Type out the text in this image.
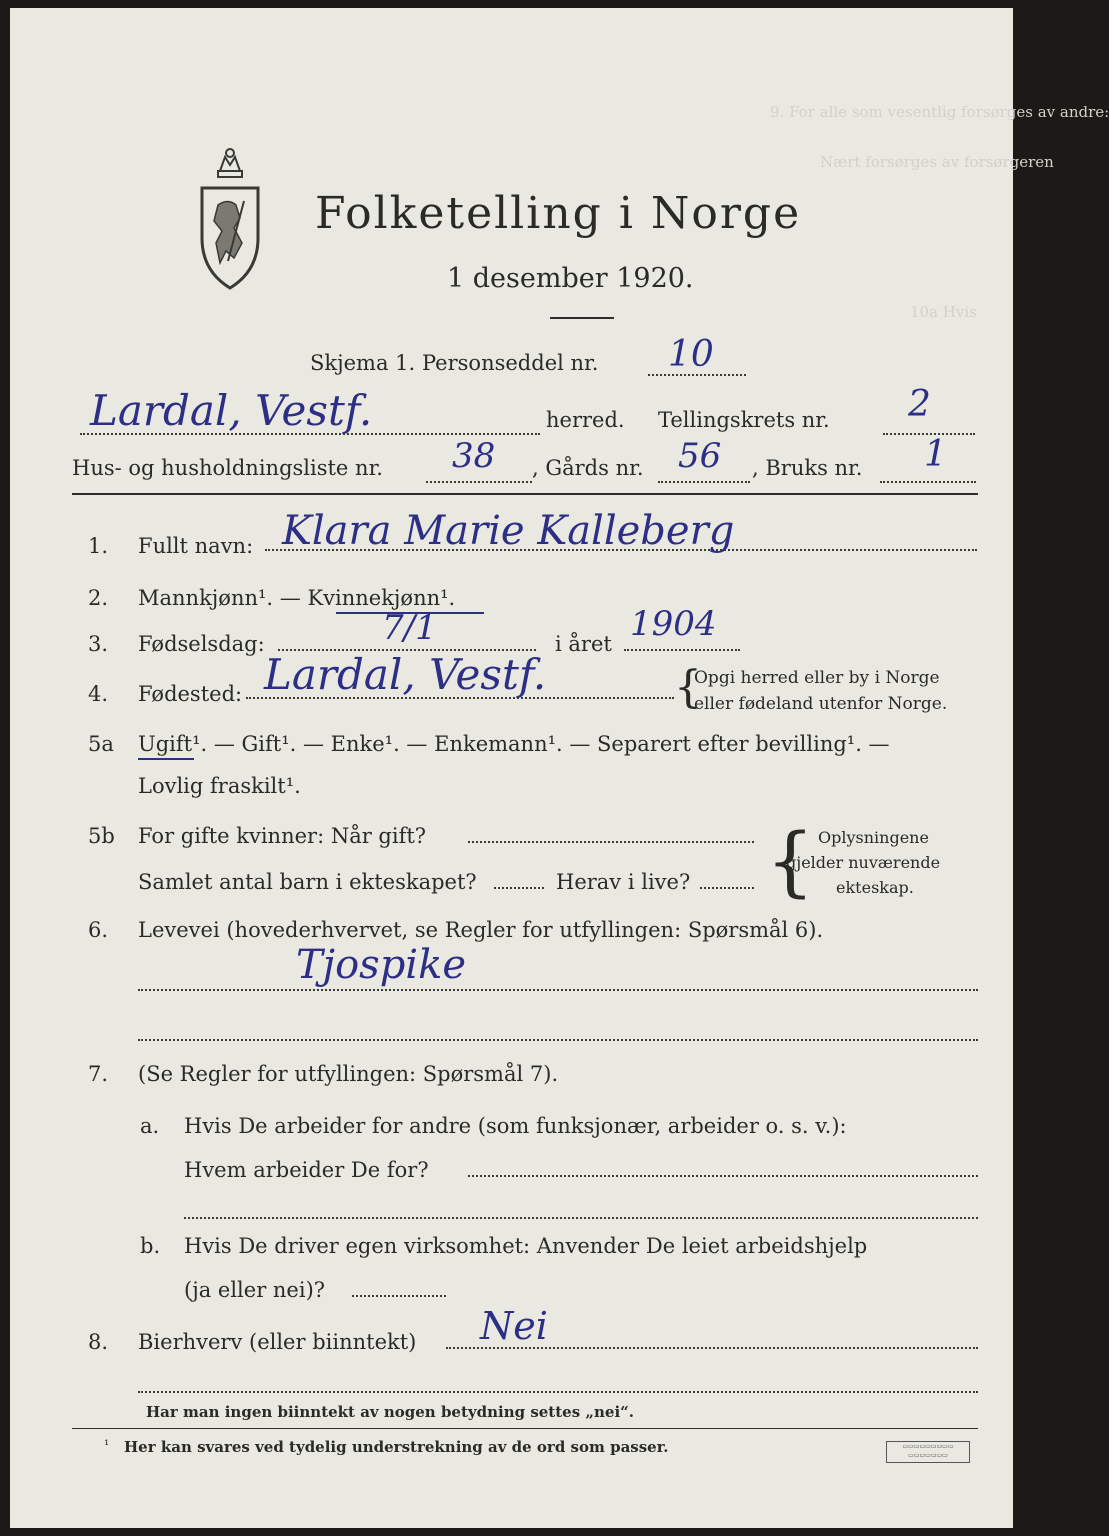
9. For alle som vesentlig forsørges av andre:
Nært forsørges av forsørgeren
10a Hvis
Folketelling i Norge
1 desember 1920.
Skjema 1. Personseddel nr. 10
Lardal, Vestf.	herred. Tellingskrets nr. 2
Hus- og husholdningsliste nr. 38 , Gårds nr. 56 , Bruks nr. 1
1. Fullt navn: Klara Marie Kalleberg
2. Mannkjønn¹. — Kvinnekjønn¹.
3. Fødselsdag:	7/1	i året 1904
4. Fødested: Lardal, Vestf.	{
Opgi herred eller by i Norge
eller fødeland utenfor Norge.
5a Ugift¹. — Gift¹. — Enke¹. — Enkemann¹. — Separert efter bevilling¹. —
Lovlig fraskilt¹.
5b For gifte kvinner: Når gift?
Samlet antal barn i ekteskapet?	Herav i live? { Oplysningene
gjelder nuværende
ekteskap.
6. Levevei (hovederhvervet, se Regler for utfyllingen: Spørsmål 6).
Tjospike
7. (Se Regler for utfyllingen: Spørsmål 7).
a. Hvis De arbeider for andre (som funksjonær, arbeider o. s. v.):
Hvem arbeider De for?
b. Hvis De driver egen virksomhet: Anvender De leiet arbeidshjelp
(ja eller nei)?
8. Bierhverv (eller biinntekt) Nei
Har man ingen biinntekt av nogen betydning settes „nei“.
¹ Her kan svares ved tydelig understrekning av de ord som passer.	▭▭▭▭▭▭▭▭▭
▭▭▭▭▭▭▭
